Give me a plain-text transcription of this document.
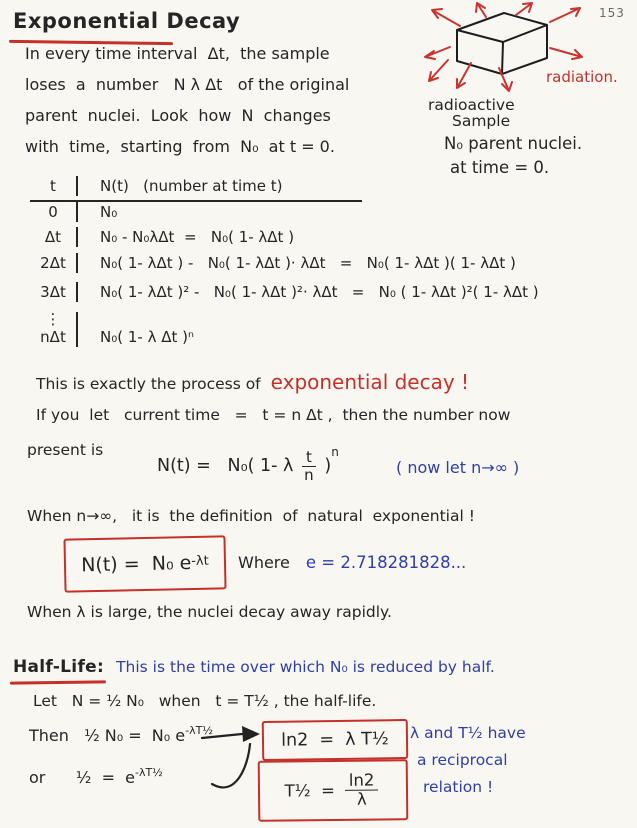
153
Exponential Decay
In every time interval  Δt,  the sample
loses  a  number   N λ Δt   of the original
parent  nuclei.  Look  how  N  changes
with  time,  starting  from  N₀  at t = 0.
radiation.
radioactive
Sample
N₀ parent nuclei.
at time = 0.
t	N(t)   (number at time t)
0	N₀
Δt	N₀ - N₀λΔt  =   N₀( 1- λΔt )
2Δt	N₀( 1- λΔt ) -   N₀( 1- λΔt )· λΔt   =   N₀( 1- λΔt )( 1- λΔt )
3Δt	N₀( 1- λΔt )² -   N₀( 1- λΔt )²· λΔt   =   N₀ ( 1- λΔt )²( 1- λΔt )
⋮
nΔt	N₀( 1- λ Δt )ⁿ
This is exactly the process of exponential decay !
If you  let   current time   =   t = n Δt ,  then the number now
present is
N(t) =   N₀( 1- λ $\frac{t}{n}$ )
$^n$
( now let n→∞ )
When n→∞,   it is  the definition  of  natural  exponential !
N(t) =  N₀ e -λt Where e = 2.718281828...
When λ is large, the nuclei decay away rapidly.
Half-Life: This is the time over which N₀ is reduced by half.
Let   N = ½ N₀   when   t = T½ , the half-life.
Then   ½ N₀ =  N₀ $e^{-\lambda T\frac{1}{2}}$
or      ½  =  $e^{-\lambda T\frac{1}{2}}$
ln2  =  λ T½
T½  = $\frac{\ln 2}{\lambda}$
λ and T½ have
a reciprocal
relation !
